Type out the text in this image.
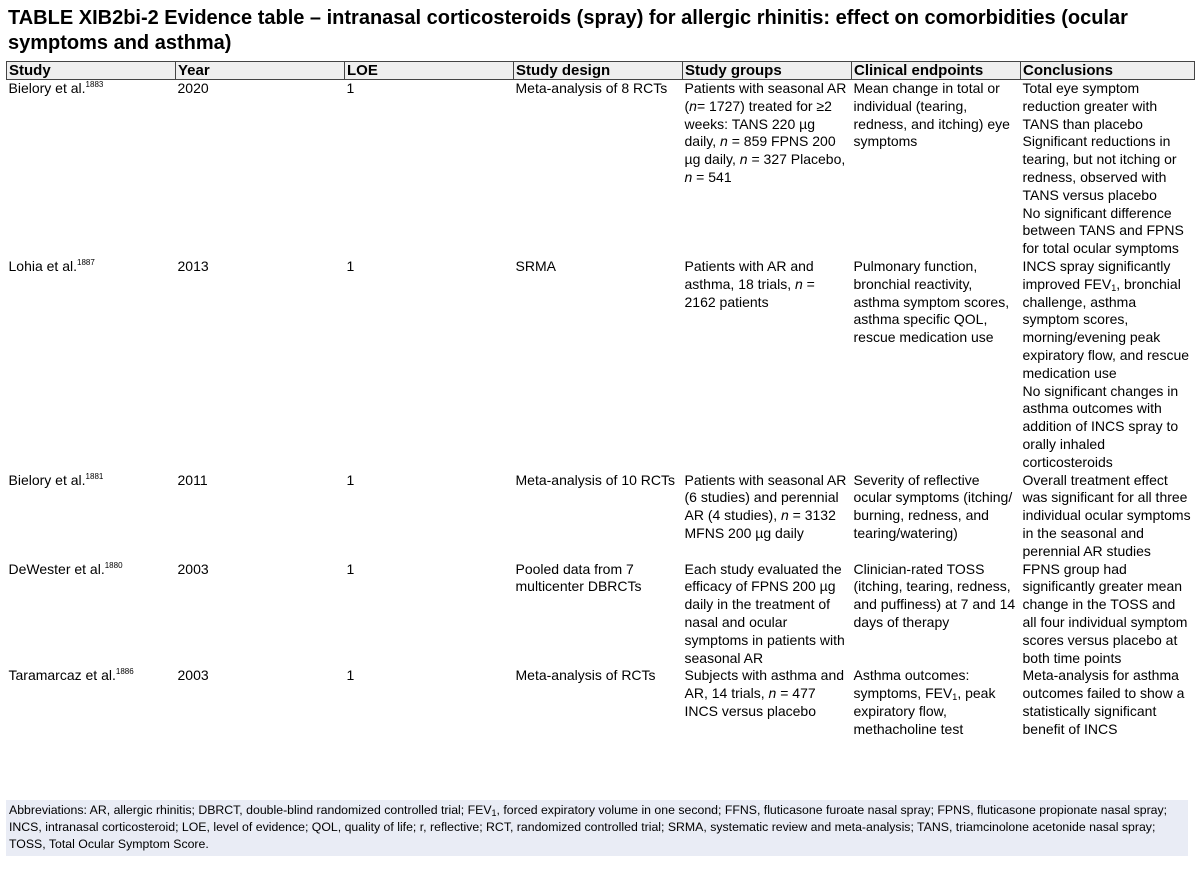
TABLE XIB2bi-2 Evidence table – intranasal corticosteroids (spray) for allergic rhinitis: effect on comorbidities (ocular symptoms and asthma)
Study	Year	LOE	Study design	Study groups	Clinical endpoints	Conclusions
Bielory et al.$^{1883}$	2020	1	Meta-analysis of 8 RCTs	Patients with seasonal AR (n= 1727) treated for ≥2 weeks: TANS 220 µg daily, n = 859 FPNS 200 µg daily, n = 327 Placebo, n = 541	Mean change in total or individual (tearing, redness, and itching) eye symptoms	Total eye symptom reduction greater with TANS than placebo
Significant reductions in tearing, but not itching or redness, observed with TANS versus placebo
No significant difference between TANS and FPNS for total ocular symptoms
Lohia et al.$^{1887}$	2013	1	SRMA	Patients with AR and asthma, 18 trials, n = 2162 patients	Pulmonary function, bronchial reactivity, asthma symptom scores, asthma specific QOL, rescue medication use	INCS spray significantly improved $FEV_1$, bronchial challenge, asthma symptom scores, morning/evening peak expiratory flow, and rescue medication use
No significant changes in asthma outcomes with addition of INCS spray to orally inhaled corticosteroids
Bielory et al.$^{1881}$	2011	1	Meta-analysis of 10 RCTs	Patients with seasonal AR (6 studies) and perennial AR (4 studies), n = 3132 MFNS 200 µg daily	Severity of reflective ocular symptoms (itching/ burning, redness, and tearing/watering)	Overall treatment effect was significant for all three individual ocular symptoms in the seasonal and perennial AR studies
DeWester et al.$^{1880}$	2003	1	Pooled data from 7 multicenter DBRCTs	Each study evaluated the efficacy of FPNS 200 µg daily in the treatment of nasal and ocular symptoms in patients with seasonal AR	Clinician-rated TOSS (itching, tearing, redness, and puffiness) at 7 and 14 days of therapy	FPNS group had significantly greater mean change in the TOSS and all four individual symptom scores versus placebo at both time points
Taramarcaz et al.$^{1886}$	2003	1	Meta-analysis of RCTs	Subjects with asthma and AR, 14 trials, n = 477 INCS versus placebo	Asthma outcomes: symptoms, $FEV_1$, peak expiratory flow, methacholine test	Meta-analysis for asthma outcomes failed to show a statistically significant benefit of INCS
Abbreviations: AR, allergic rhinitis; DBRCT, double-blind randomized controlled trial; $FEV_1$, forced expiratory volume in one second; FFNS, fluticasone furoate nasal spray; FPNS, fluticasone propionate nasal spray; INCS, intranasal corticosteroid; LOE, level of evidence; QOL, quality of life; r, reflective; RCT, randomized controlled trial; SRMA, systematic review and meta-analysis; TANS, triamcinolone acetonide nasal spray; TOSS, Total Ocular Symptom Score.
